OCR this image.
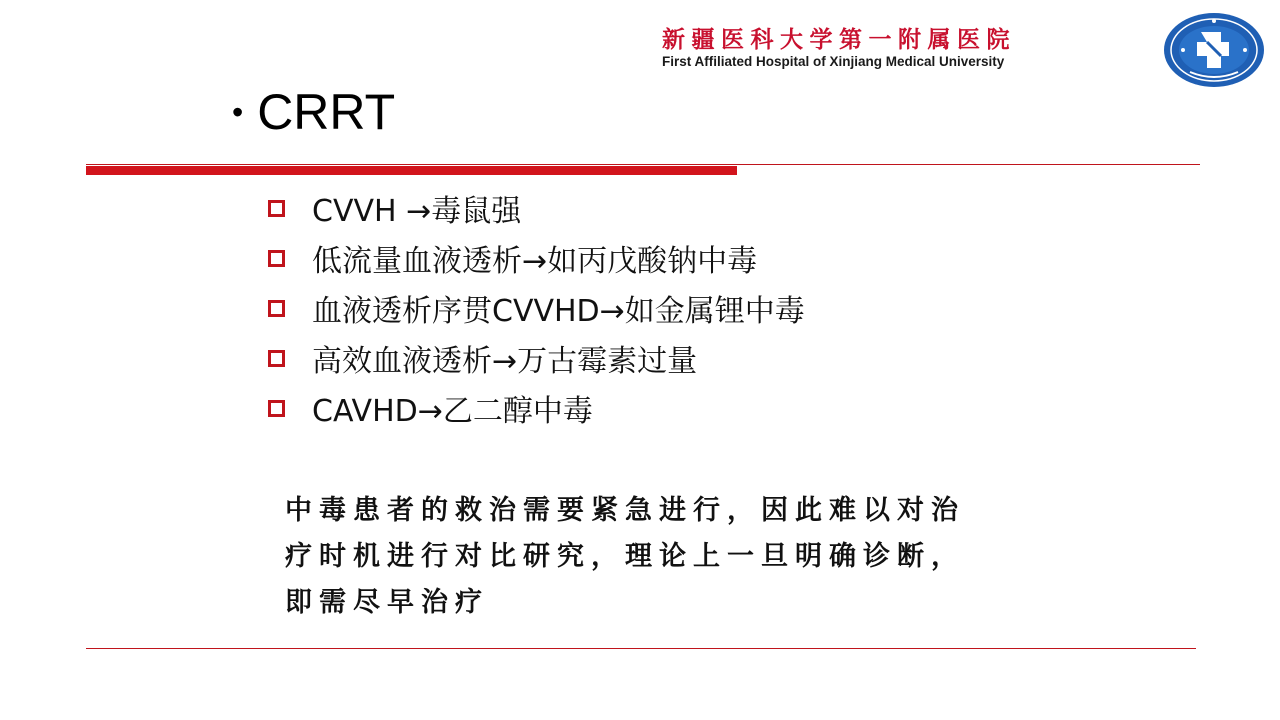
新疆医科大学第一附属医院
First Affiliated Hospital of Xinjiang Medical University
• CRRT
CVVH →毒鼠强
低流量血液透析→如丙戊酸钠中毒
血液透析序贯CVVHD→如金属锂中毒
高效血液透析→万古霉素过量
CAVHD→乙二醇中毒
中毒患者的救治需要紧急进行，因此难以对治疗时机进行对比研究，理论上一旦明确诊断，即需尽早治疗
